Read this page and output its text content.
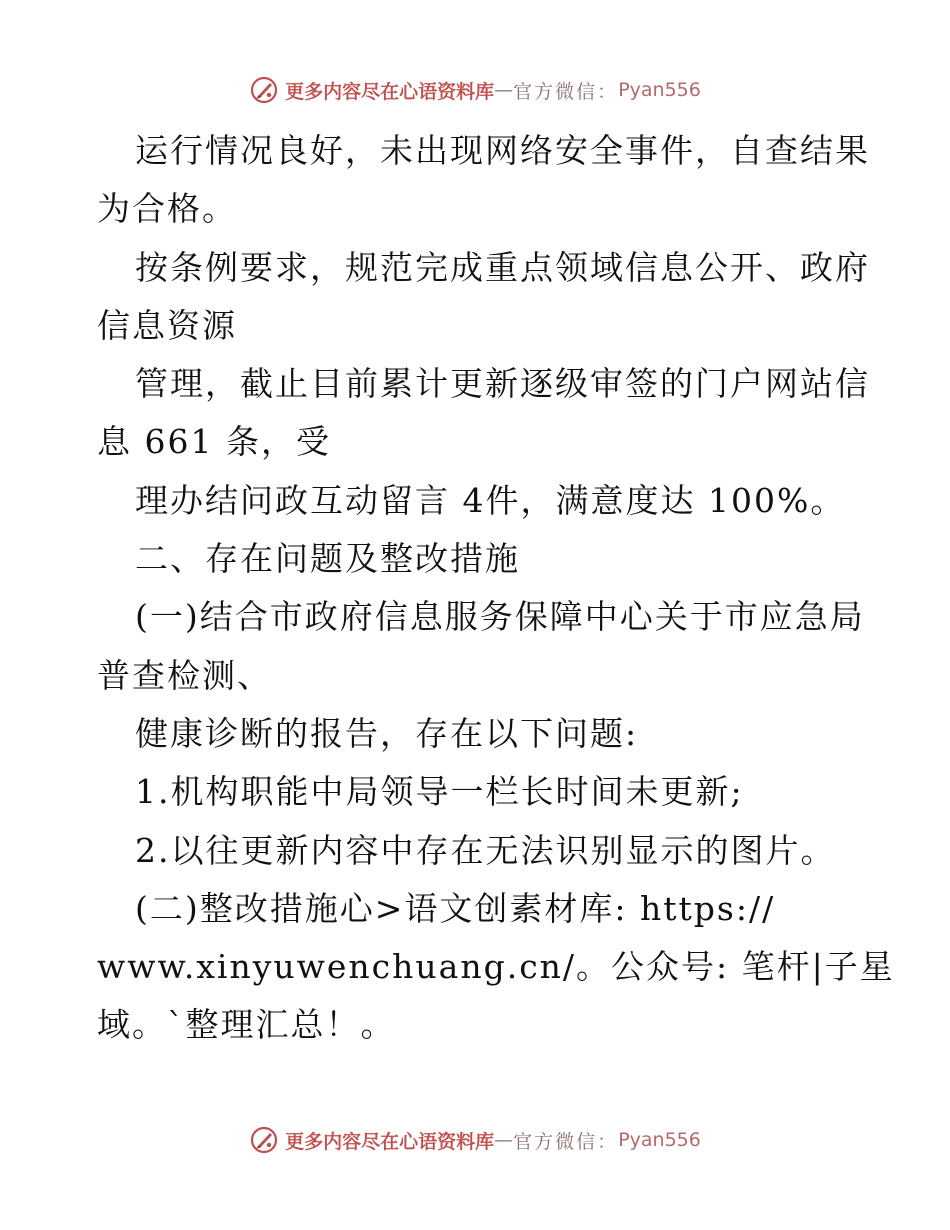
更多内容尽在心语资料库 — 官方微信： Pyan556
运行情况良好，未出现网络安全事件，自查结果
为合格。
按条例要求，规范完成重点领域信息公开、政府
信息资源
管理，截止目前累计更新逐级审签的门户网站信
息 661 条，受
理办结问政互动留言 4件，满意度达 100%。
二、存在问题及整改措施
(一)结合市政府信息服务保障中心关于市应急局
普查检测、
健康诊断的报告，存在以下问题:
1.机构职能中局领导一栏长时间未更新;
2.以往更新内容中存在无法识别显示的图片。
(二)整改措施心>语文创素材库: https://
www.xinyuwenchuang.cn/。公众号: 笔杆|子星
域。`整理汇总！。
更多内容尽在心语资料库 — 官方微信： Pyan556
